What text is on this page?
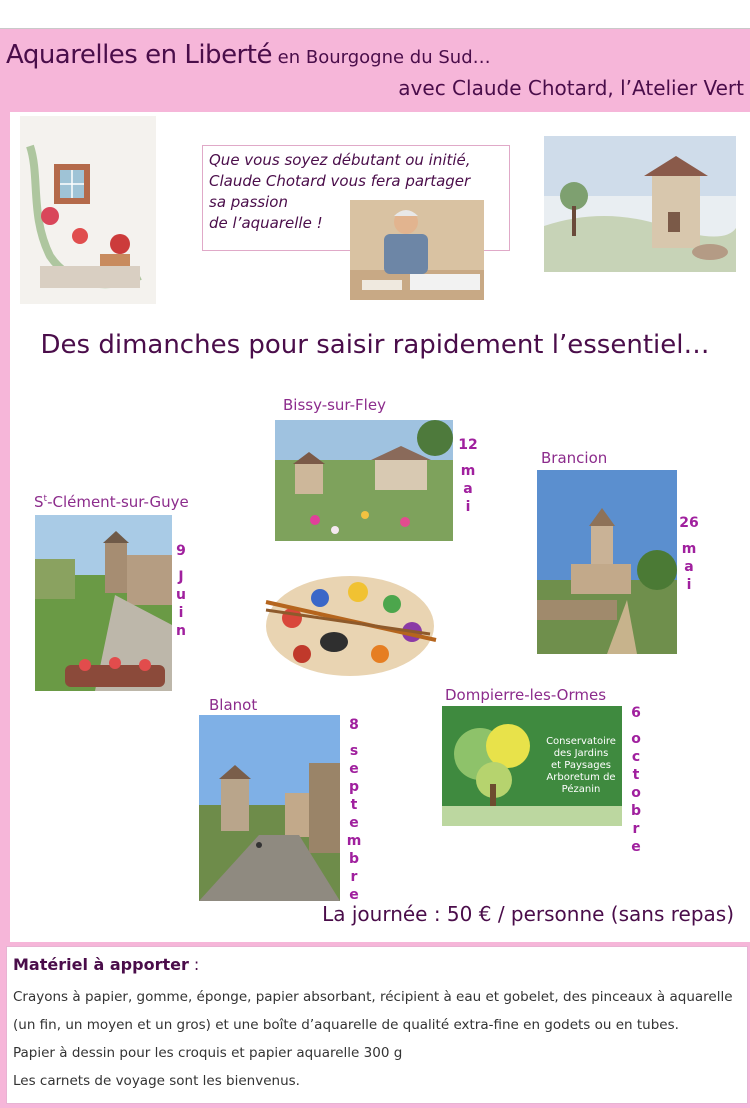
Aquarelles en Liberté en Bourgogne du Sud…
avec Claude Chotard, l’Atelier Vert
Que vous soyez débutant ou initié,
Claude Chotard vous fera partager
sa passion
de l’aquarelle !
Des dimanches pour saisir rapidement l’essentiel…
Bissy-sur-Fley
12
m
a
i
Brancion
26
m
a
i
$S^t-Clément-sur$-Guye
9
J
u
i
n
Blanot
8
s
e
p
t
e
m
b
r
e
Dompierre-les-Ormes
Conservatoire
des Jardins
et Paysages
Arboretum de
Pézanin
6
o
c
t
o
b
r
e
La journée : 50 € / personne (sans repas)
Matériel à apporter :
Crayons à papier, gomme, éponge, papier absorbant, récipient à eau et gobelet, des pinceaux à aquarelle
(un fin, un moyen et un gros) et une boîte d’aquarelle de qualité extra-fine en godets ou en tubes.
Papier à dessin pour les croquis et papier aquarelle 300 g
Les carnets de voyage sont les bienvenus.
